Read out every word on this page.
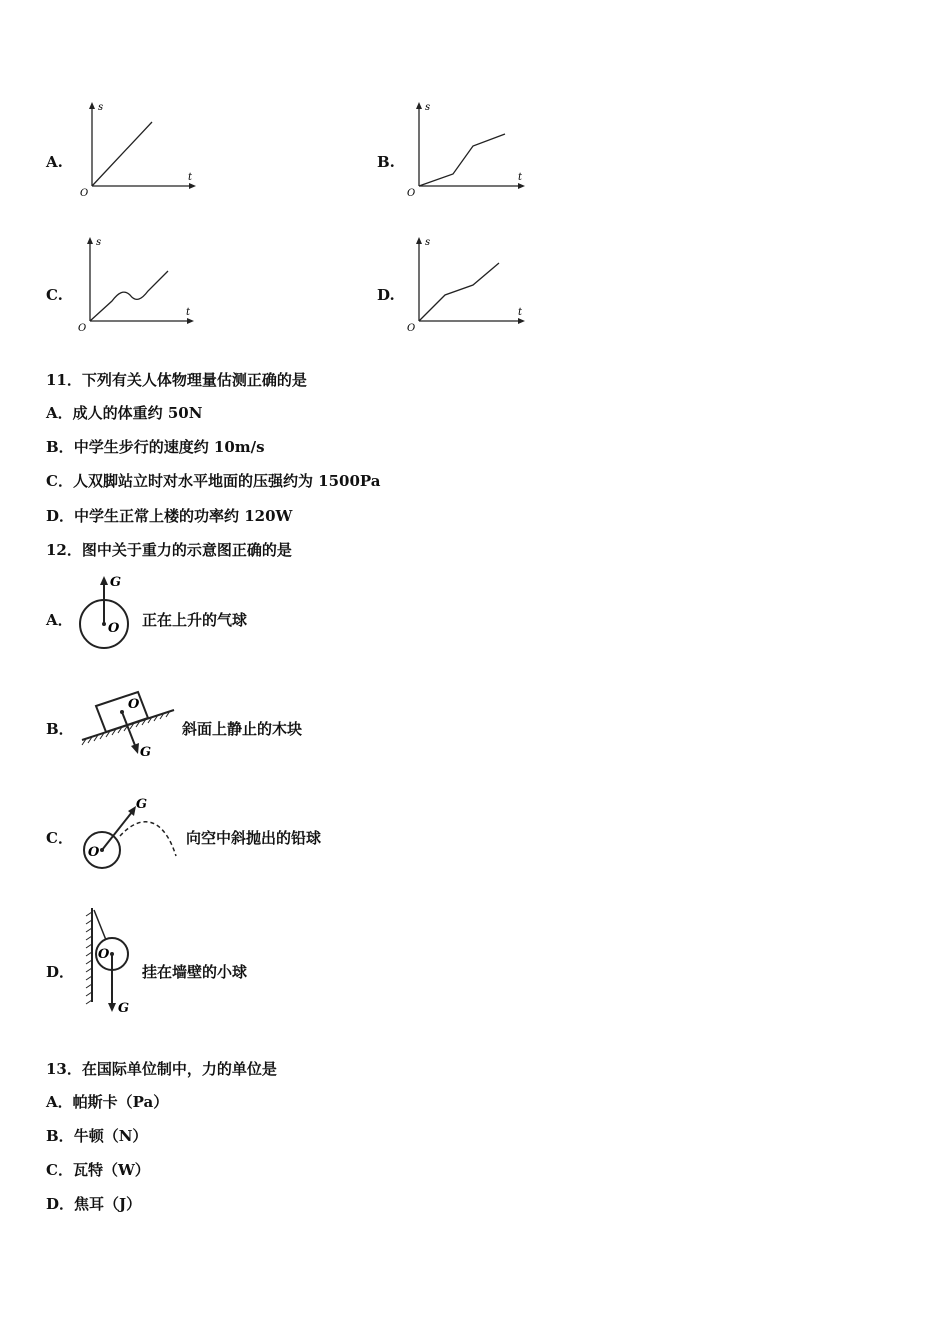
A.
s
t
O
B.
s
t
O
C.
s
t
O
D.
s
t
O
11．下列有关人体物理量估测正确的是
A．成人的体重约 50N
B．中学生步行的速度约 10m/s
C．人双脚站立时对水平地面的压强约为 1500Pa
D．中学生正常上楼的功率约 120W
12．图中关于重力的示意图正确的是
A．
G
O 正在上升的气球
B．
O
G
斜面上静止的木块
C．
G
O
向空中斜抛出的铅球
D．
O
G
挂在墙壁的小球
13．在国际单位制中，力的单位是
A．帕斯卡（Pa）
B．牛顿（N）
C．瓦特（W）
D．焦耳（J）
